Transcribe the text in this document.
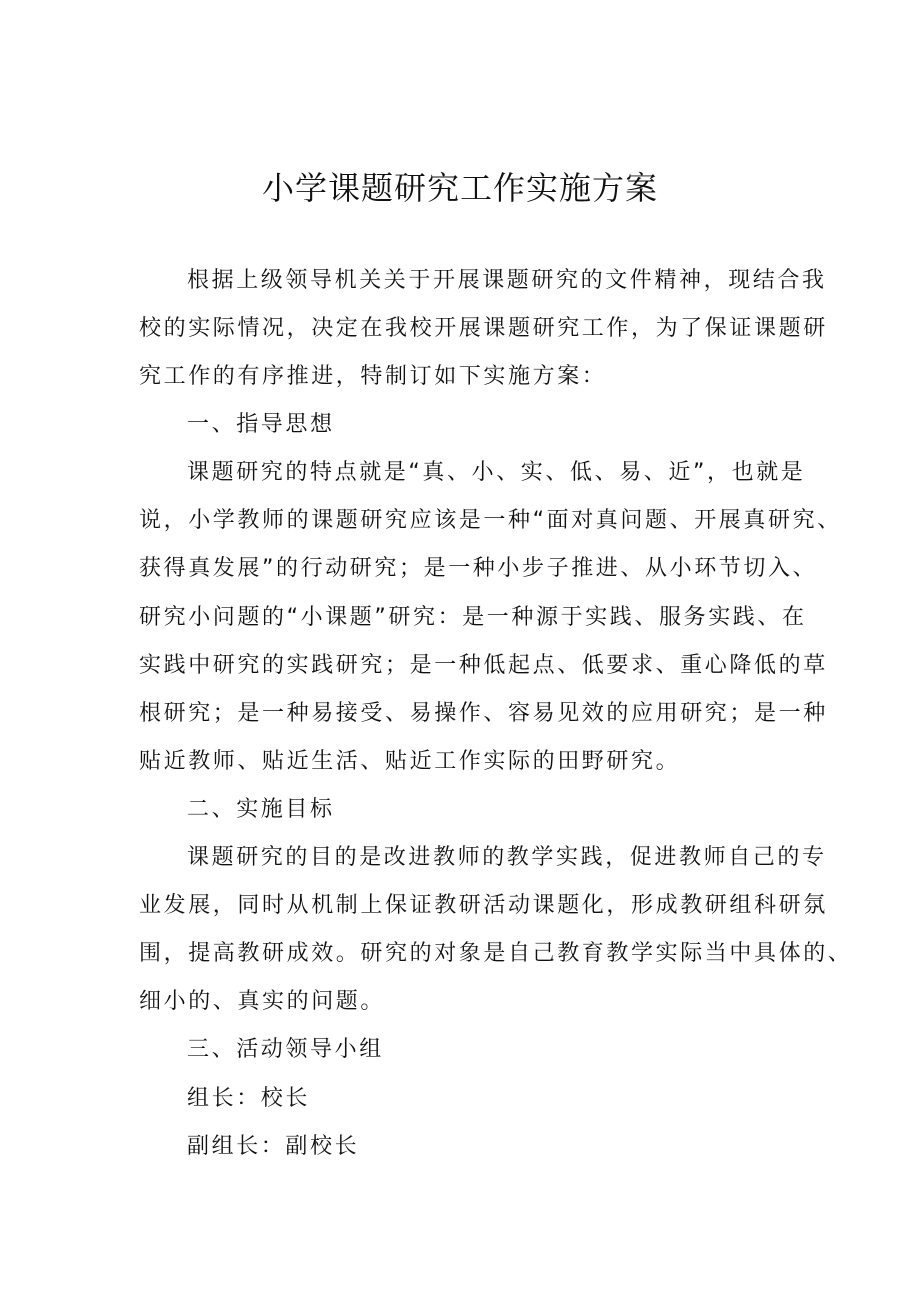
小学课题研究工作实施方案
根据上级领导机关关于开展课题研究的文件精神，现结合我
校的实际情况，决定在我校开展课题研究工作，为了保证课题研
究工作的有序推进，特制订如下实施方案：
一、指导思想
课题研究的特点就是“真、小、实、低、易、近”，也就是
说，小学教师的课题研究应该是一种“面对真问题、开展真研究、
获得真发展”的行动研究；是一种小步子推进、从小环节切入、
研究小问题的“小课题”研究：是一种源于实践、服务实践、在
实践中研究的实践研究；是一种低起点、低要求、重心降低的草
根研究；是一种易接受、易操作、容易见效的应用研究；是一种
贴近教师、贴近生活、贴近工作实际的田野研究。
二、实施目标
课题研究的目的是改进教师的教学实践，促进教师自己的专
业发展，同时从机制上保证教研活动课题化，形成教研组科研氛
围，提高教研成效。研究的对象是自己教育教学实际当中具体的、
细小的、真实的问题。
三、活动领导小组
组长：校长
副组长：副校长
